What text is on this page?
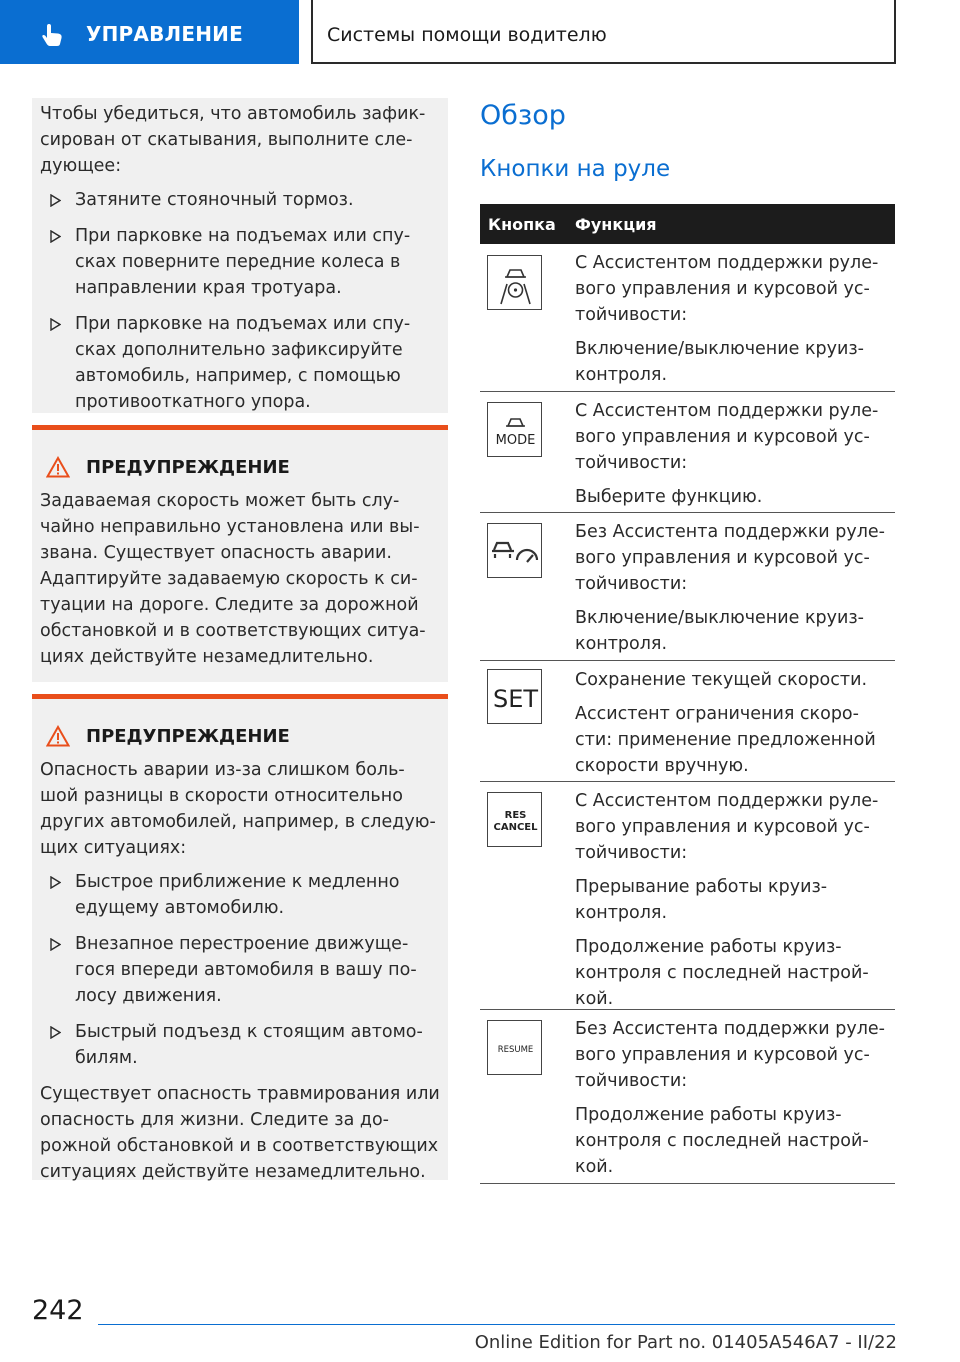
УПРАВЛЕНИЕ	Системы помощи водителю

Чтобы убедиться, что автомобиль зафик-сирован от скатывания, выполните сле-дующее:

Затяните стояночный тормоз.
При парковке на подъемах или спу-сках поверните передние колеса в направлении края тротуара.
При парковке на подъемах или спу-сках дополнительно зафиксируйте автомобиль, например, с помощью противооткатного упора.
ПРЕДУПРЕЖДЕНИЕ

Задаваемая скорость может быть слу-чайно неправильно установлена или вы-звана. Существует опасность аварии. Адаптируйте задаваемую скорость к си-туации на дороге. Следите за дорожной обстановкой и в соответствующих ситуа-циях действуйте незамедлительно.

ПРЕДУПРЕЖДЕНИЕ

Опасность аварии из-за слишком боль-шой разницы в скорости относительно других автомобилей, например, в следую-щих ситуациях:

Быстрое приближение к медленно едущему автомобилю.
Внезапное перестроение движуще-гося впереди автомобиля в вашу по-лосу движения.
Быстрый подъезд к стоящим автомо-билям.

Существует опасность травмирования или опасность для жизни. Следите за до-рожной обстановкой и в соответствующих ситуациях действуйте незамедлительно.

Обзор
Кнопки на руле
Кнопка Функция

С Ассистентом поддержки руле-вого управления и курсовой ус-тойчивости:

Включение/выключение круиз-контроля.

MODE

С Ассистентом поддержки руле-вого управления и курсовой ус-тойчивости:

Выберите функцию.

Без Ассистента поддержки руле-вого управления и курсовой ус-тойчивости:

Включение/выключение круиз-контроля.

SET

Сохранение текущей скорости.

Ассистент ограничения скоро-сти: применение предложенной скорости вручную.

RES
CANCEL

С Ассистентом поддержки руле-вого управления и курсовой ус-тойчивости:

Прерывание работы круиз-контроля.

Продолжение работы круиз-контроля с последней настрой-кой.

RESUME

Без Ассистента поддержки руле-вого управления и курсовой ус-тойчивости:

Продолжение работы круиз-контроля с последней настрой-кой.

242
Online Edition for Part no. 01405A546A7 - II/22
